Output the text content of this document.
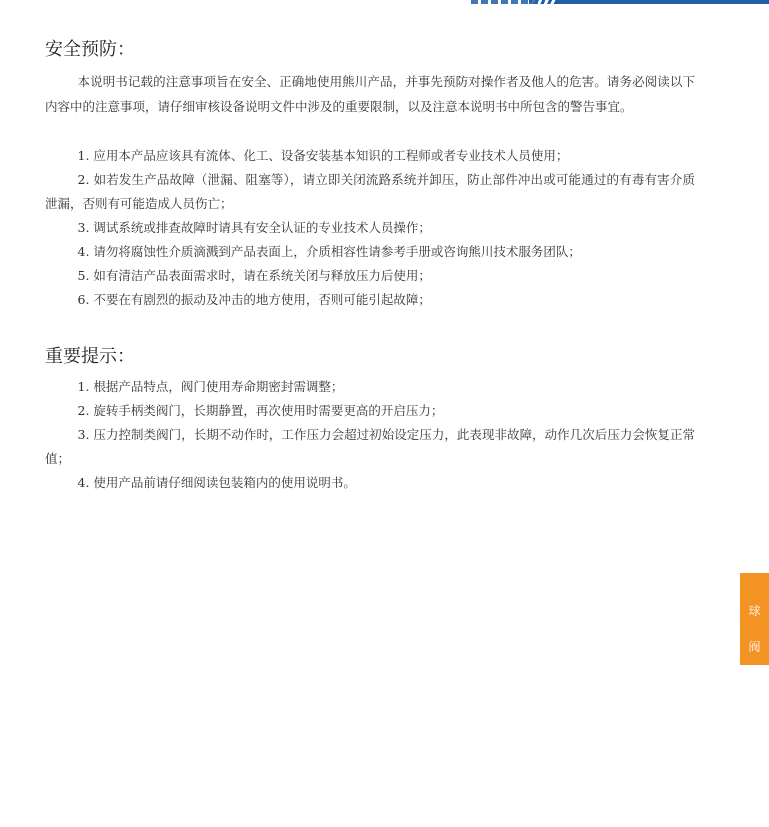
安全预防：

本说明书记载的注意事项旨在安全、正确地使用熊川产品，并事先预防对操作者及他人的危害。请务必阅读以下内容中的注意事项，请仔细审核设备说明文件中涉及的重要限制，以及注意本说明书中所包含的警告事宜。

1. 应用本产品应该具有流体、化工、设备安装基本知识的工程师或者专业技术人员使用；
2. 如若发生产品故障（泄漏、阻塞等），请立即关闭流路系统并卸压，防止部件冲出或可能通过的有毒有害介质泄漏，否则有可能造成人员伤亡；
3. 调试系统或排查故障时请具有安全认证的专业技术人员操作；
4. 请勿将腐蚀性介质滴溅到产品表面上，介质相容性请参考手册或咨询熊川技术服务团队；
5. 如有清洁产品表面需求时，请在系统关闭与释放压力后使用；
6. 不要在有剧烈的振动及冲击的地方使用，否则可能引起故障；
重要提示：
1. 根据产品特点，阀门使用寿命期密封需调整；
2. 旋转手柄类阀门，长期静置，再次使用时需要更高的开启压力；
3. 压力控制类阀门，长期不动作时，工作压力会超过初始设定压力，此表现非故障，动作几次后压力会恢复正常值；
4. 使用产品前请仔细阅读包装箱内的使用说明书。
球
阀
